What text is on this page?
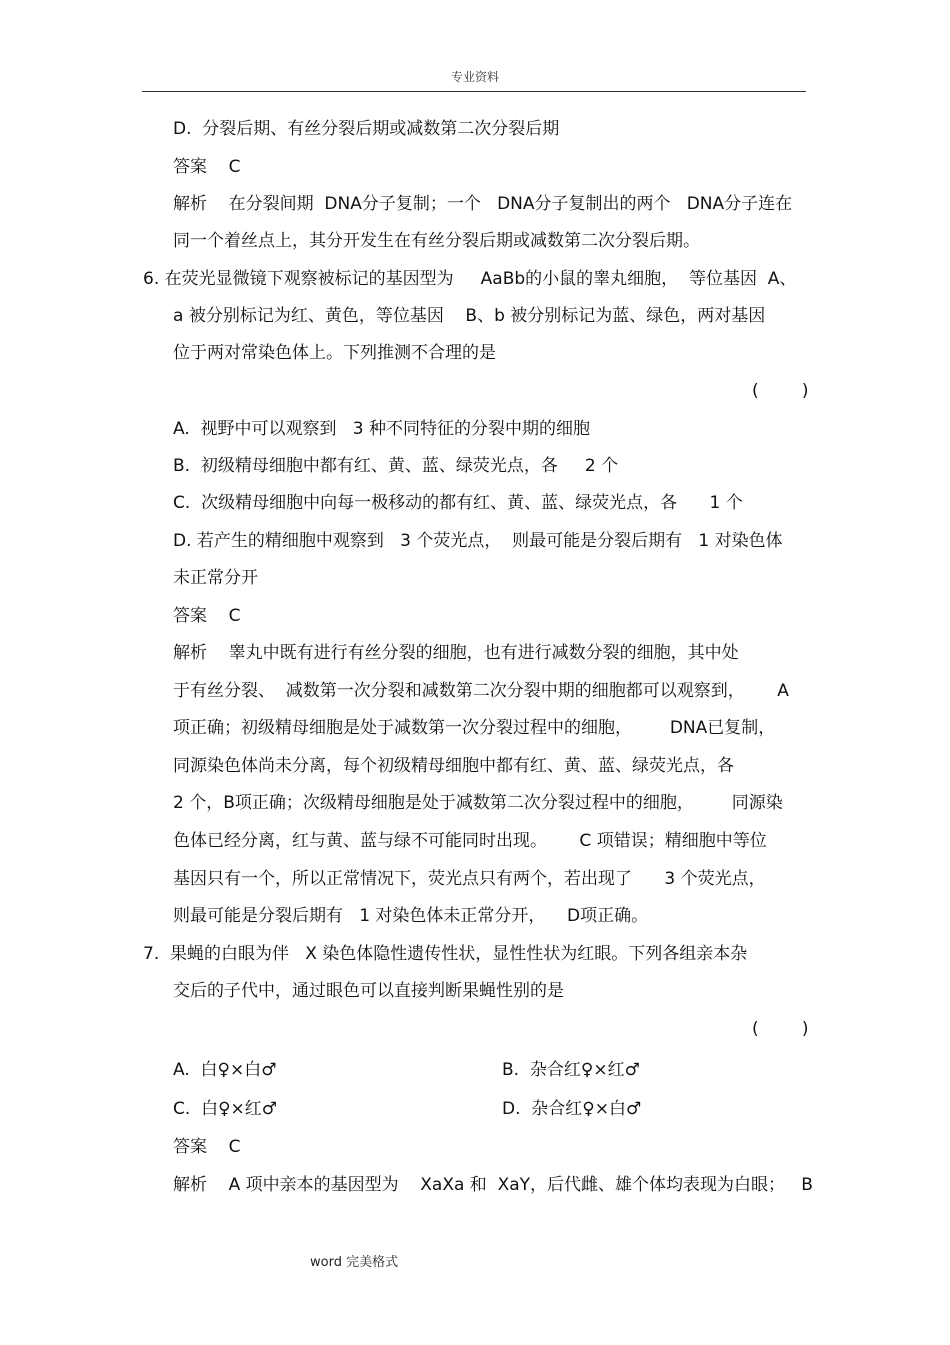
专业资料
D.  分裂后期、有丝分裂后期或减数第二次分裂后期
答案    C
解析    在分裂间期  DNA分子复制；一个   DNA分子复制出的两个   DNA分子连在
同一个着丝点上，其分开发生在有丝分裂后期或减数第二次分裂后期。
6. 在荧光显微镜下观察被标记的基因型为     AaBb的小鼠的睾丸细胞，  等位基因  A、
a 被分别标记为红、黄色，等位基因    B、b 被分别标记为蓝、绿色，两对基因
位于两对常染色体上。下列推测不合理的是
(        )
A.  视野中可以观察到   3 种不同特征的分裂中期的细胞
B.  初级精母细胞中都有红、黄、蓝、绿荧光点，各     2 个
C.  次级精母细胞中向每一极移动的都有红、黄、蓝、绿荧光点，各      1 个
D. 若产生的精细胞中观察到   3 个荧光点，  则最可能是分裂后期有   1 对染色体
未正常分开
答案    C
解析    睾丸中既有进行有丝分裂的细胞，也有进行减数分裂的细胞，其中处
于有丝分裂、  减数第一次分裂和减数第二次分裂中期的细胞都可以观察到，      A
项正确；初级精母细胞是处于减数第一次分裂过程中的细胞，       DNA已复制，
同源染色体尚未分离，每个初级精母细胞中都有红、黄、蓝、绿荧光点，各
2 个，B项正确；次级精母细胞是处于减数第二次分裂过程中的细胞，       同源染
色体已经分离，红与黄、蓝与绿不可能同时出现。      C 项错误；精细胞中等位
基因只有一个，所以正常情况下，荧光点只有两个，若出现了      3 个荧光点，
则最可能是分裂后期有   1 对染色体未正常分开，    D项正确。
7.  果蝇的白眼为伴   X 染色体隐性遗传性状，显性性状为红眼。下列各组亲本杂
交后的子代中，通过眼色可以直接判断果蝇性别的是
(        )
A.  白♀×白♂	B.  杂合红♀×红♂
C.  白♀×红♂	D.  杂合红♀×白♂
答案    C
解析    A 项中亲本的基因型为    XaXa 和  XaY，后代雌、雄个体均表现为白眼；   B
word 完美格式
